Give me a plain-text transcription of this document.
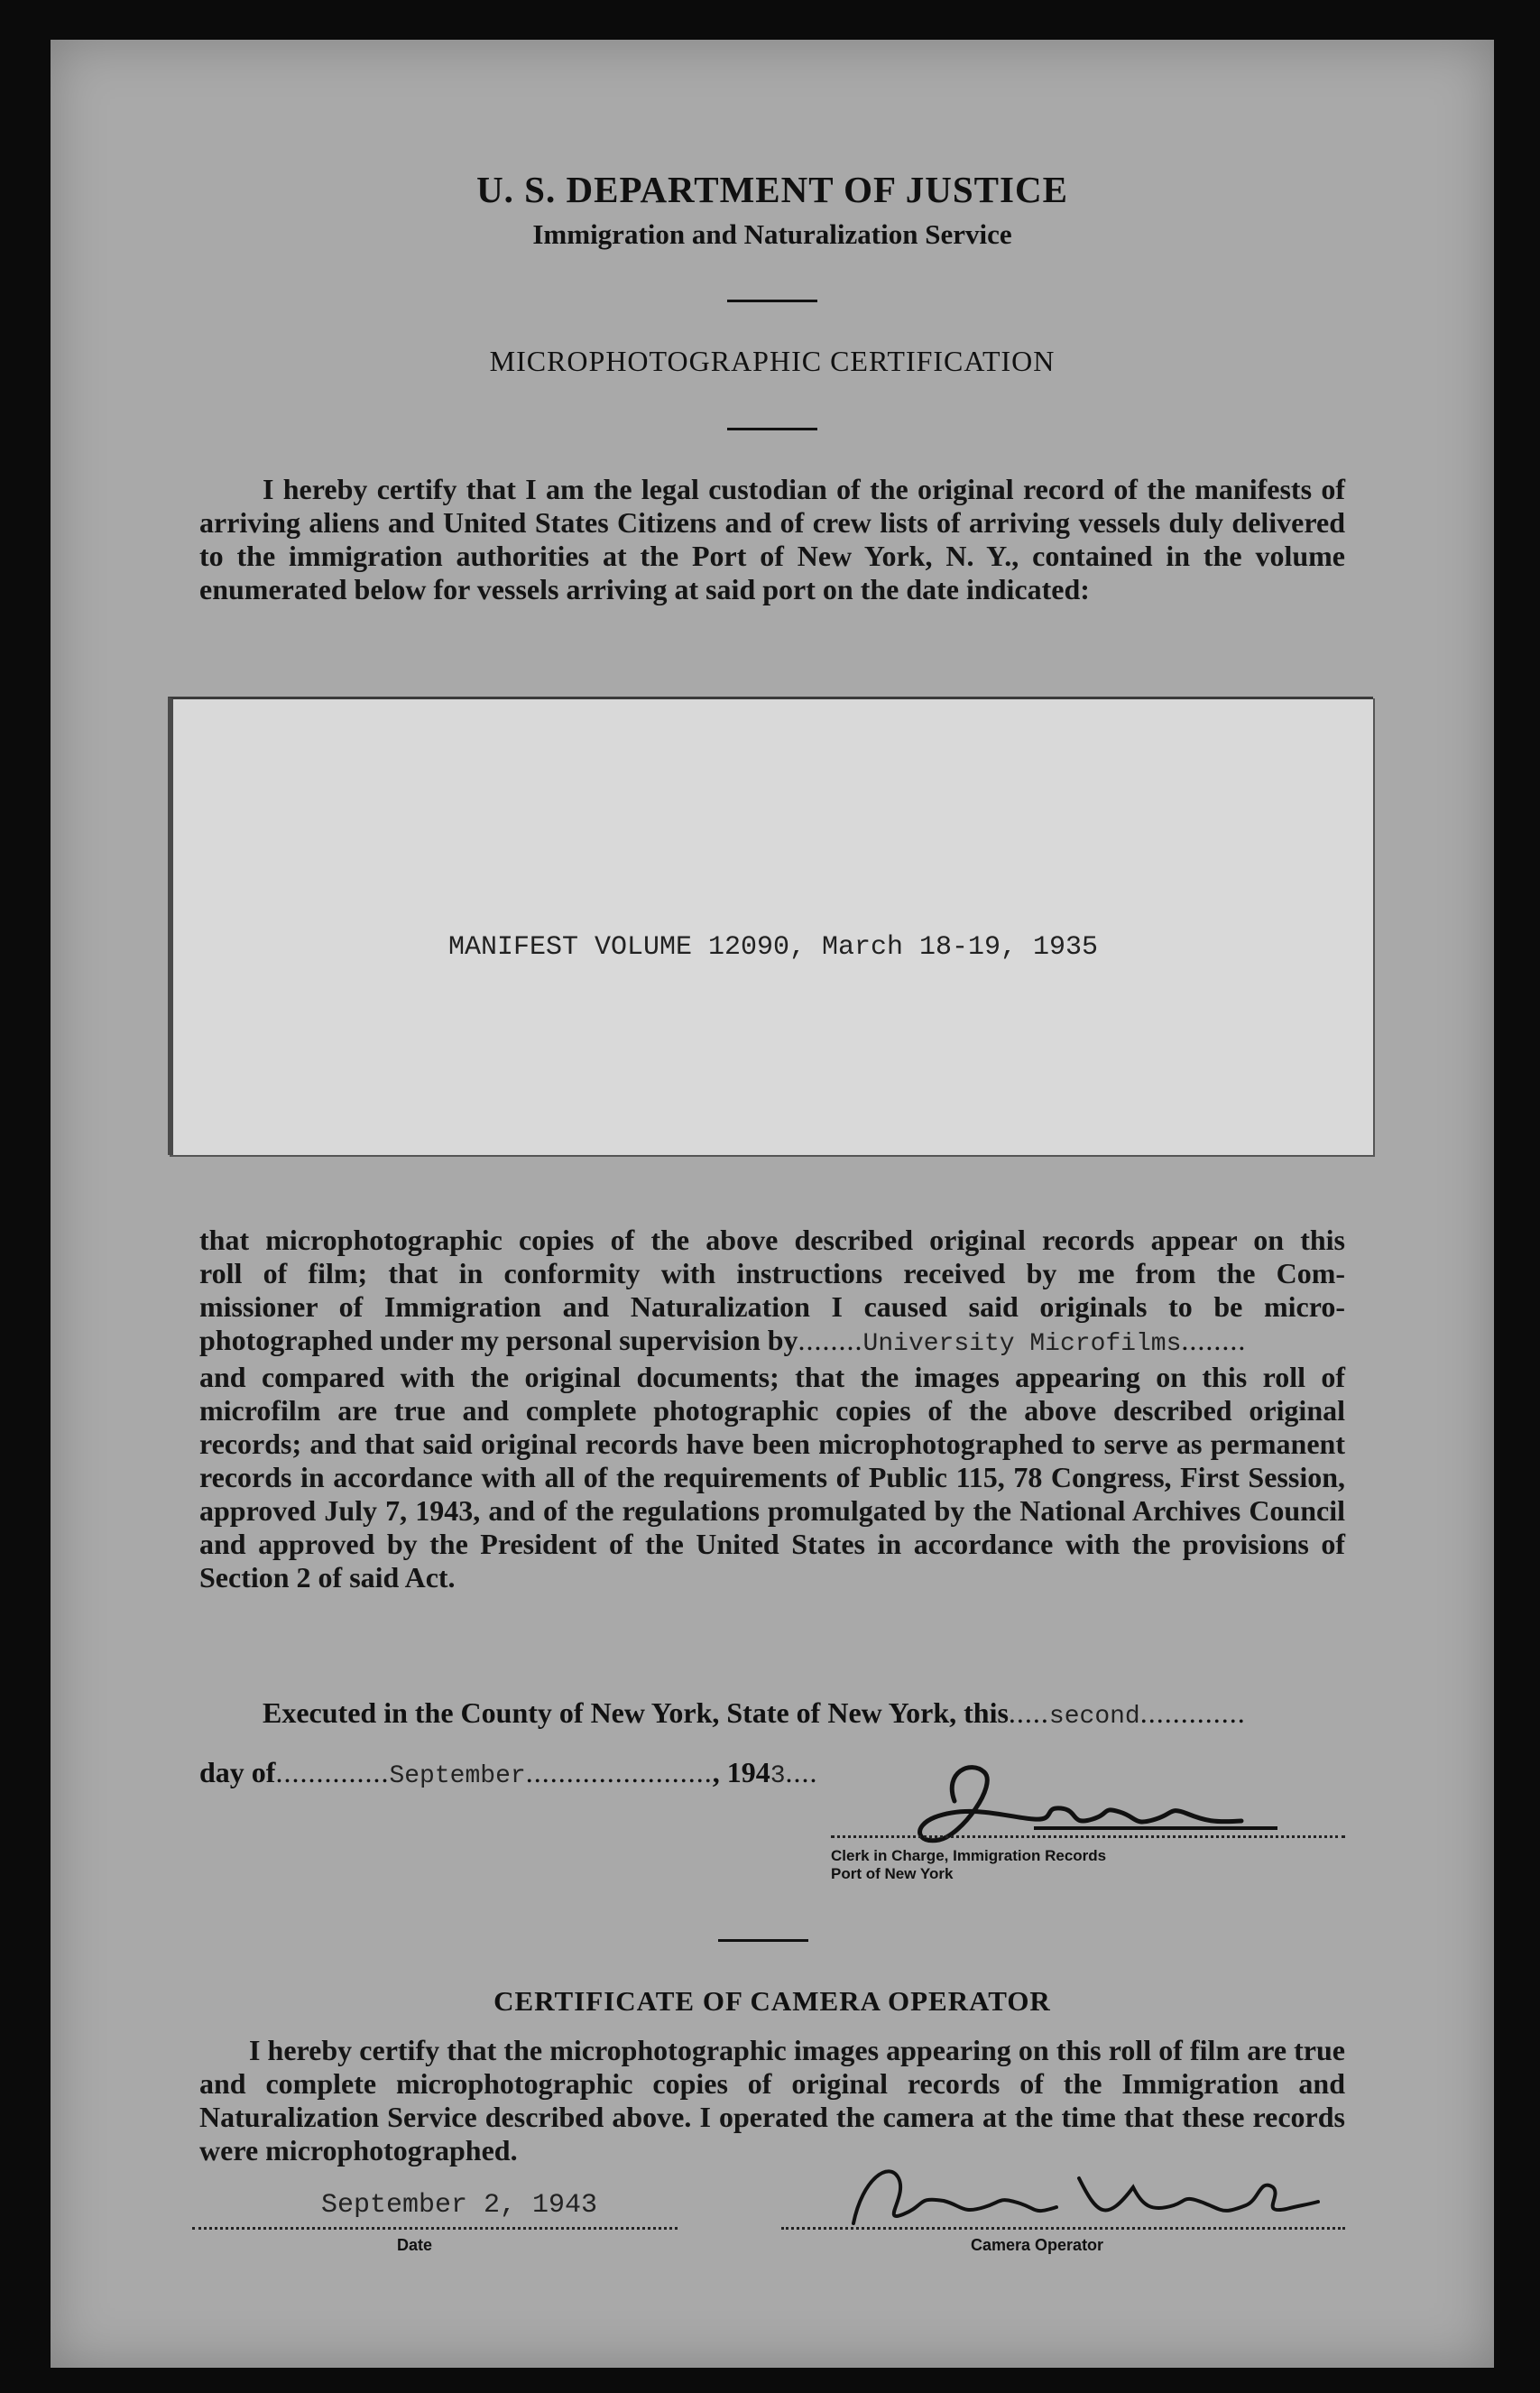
U. S. DEPARTMENT OF JUSTICE
Immigration and Naturalization Service
MICROPHOTOGRAPHIC CERTIFICATION
I hereby certify that I am the legal custodian of the original record of the manifests of arriving aliens and United States Citizens and of crew lists of arriving vessels duly delivered to the immigration authorities at the Port of New York, N. Y., contained in the volume enumerated below for vessels arriving at said port on the date indicated:
MANIFEST VOLUME 12090, March 18-19, 1935
that microphotographic copies of the above described original records appear on this
roll of film; that in conformity with instructions received by me from the Com-
missioner of Immigration and Naturalization I caused said originals to be micro-
photographed under my personal supervision by........University Microfilms........
and compared with the original documents; that the images appearing on this roll of microfilm are true and complete photographic copies of the above described original records; and that said original records have been microphotographed to serve as permanent records in accordance with all of the requirements of Public 115, 78 Congress, First Session, approved July 7, 1943, and of the regulations promulgated by the National Archives Council and approved by the President of the United States in accordance with the provisions of Section 2 of said Act.
Executed in the County of New York, State of New York, this.....second.............
day of..............September......................., 1943....
Clerk in Charge, Immigration Records
Port of New York
CERTIFICATE OF CAMERA OPERATOR
I hereby certify that the microphotographic images appearing on this roll of film are true and complete microphotographic copies of original records of the Immigration and Naturalization Service described above. I operated the camera at the time that these records were microphotographed.
September 2, 1943
Date	Camera Operator
